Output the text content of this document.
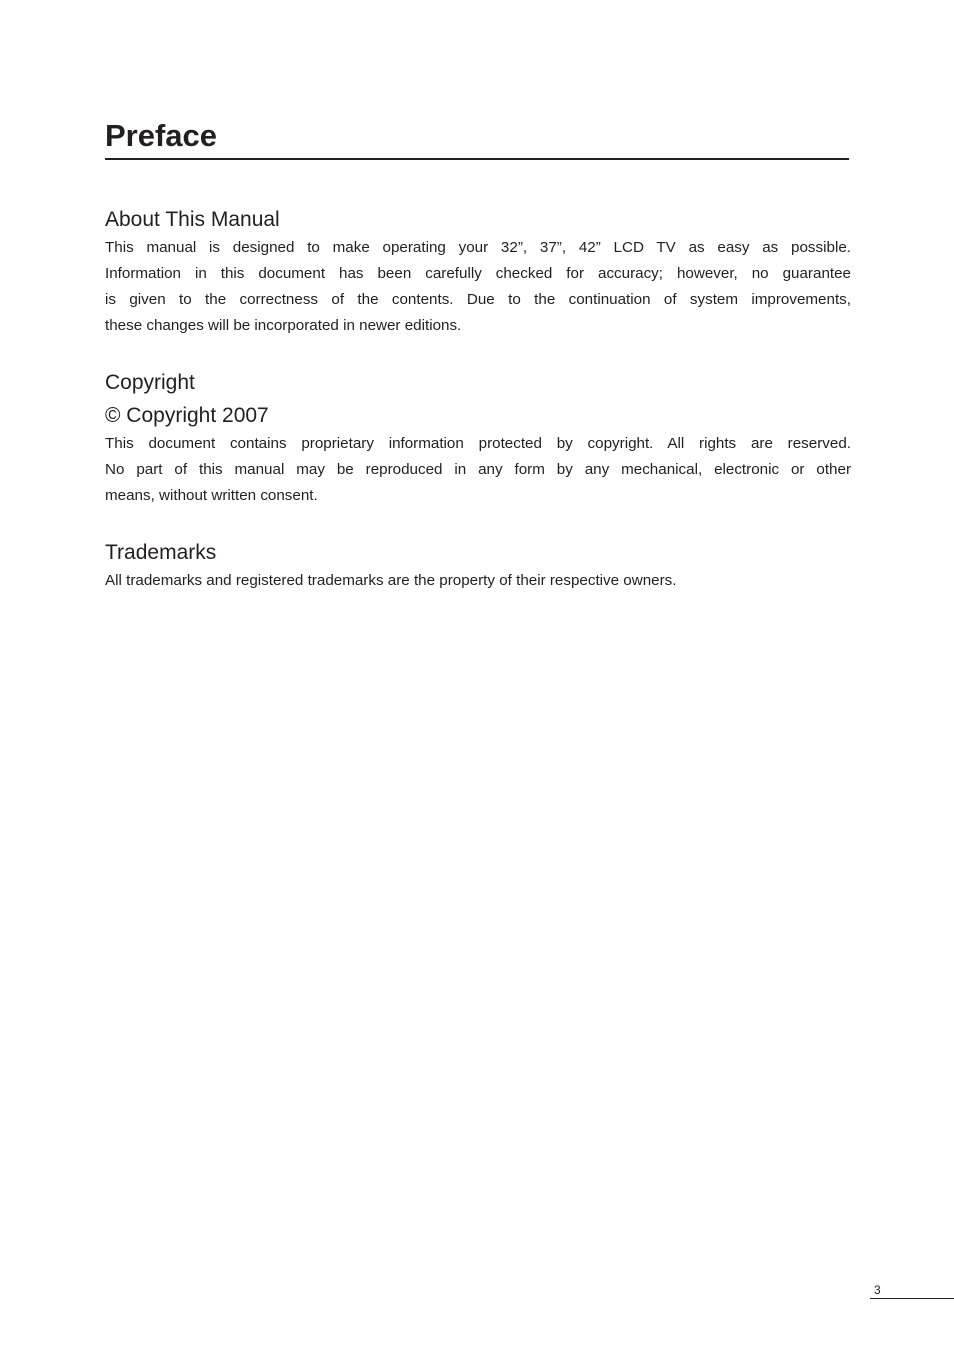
Preface
About This Manual
This manual is designed to make operating your 32”, 37”, 42” LCD TV as easy as possible.
Information in this document has been carefully checked for accuracy; however, no guarantee
is given to the correctness of the contents. Due to the continuation of system improvements,
these changes will be incorporated in newer editions.
Copyright
© Copyright 2007
This document contains proprietary information protected by copyright. All rights are reserved.
No part of this manual may be reproduced in any form by any mechanical, electronic or other
means, without written consent.
Trademarks
All trademarks and registered trademarks are the property of their respective owners.
3
